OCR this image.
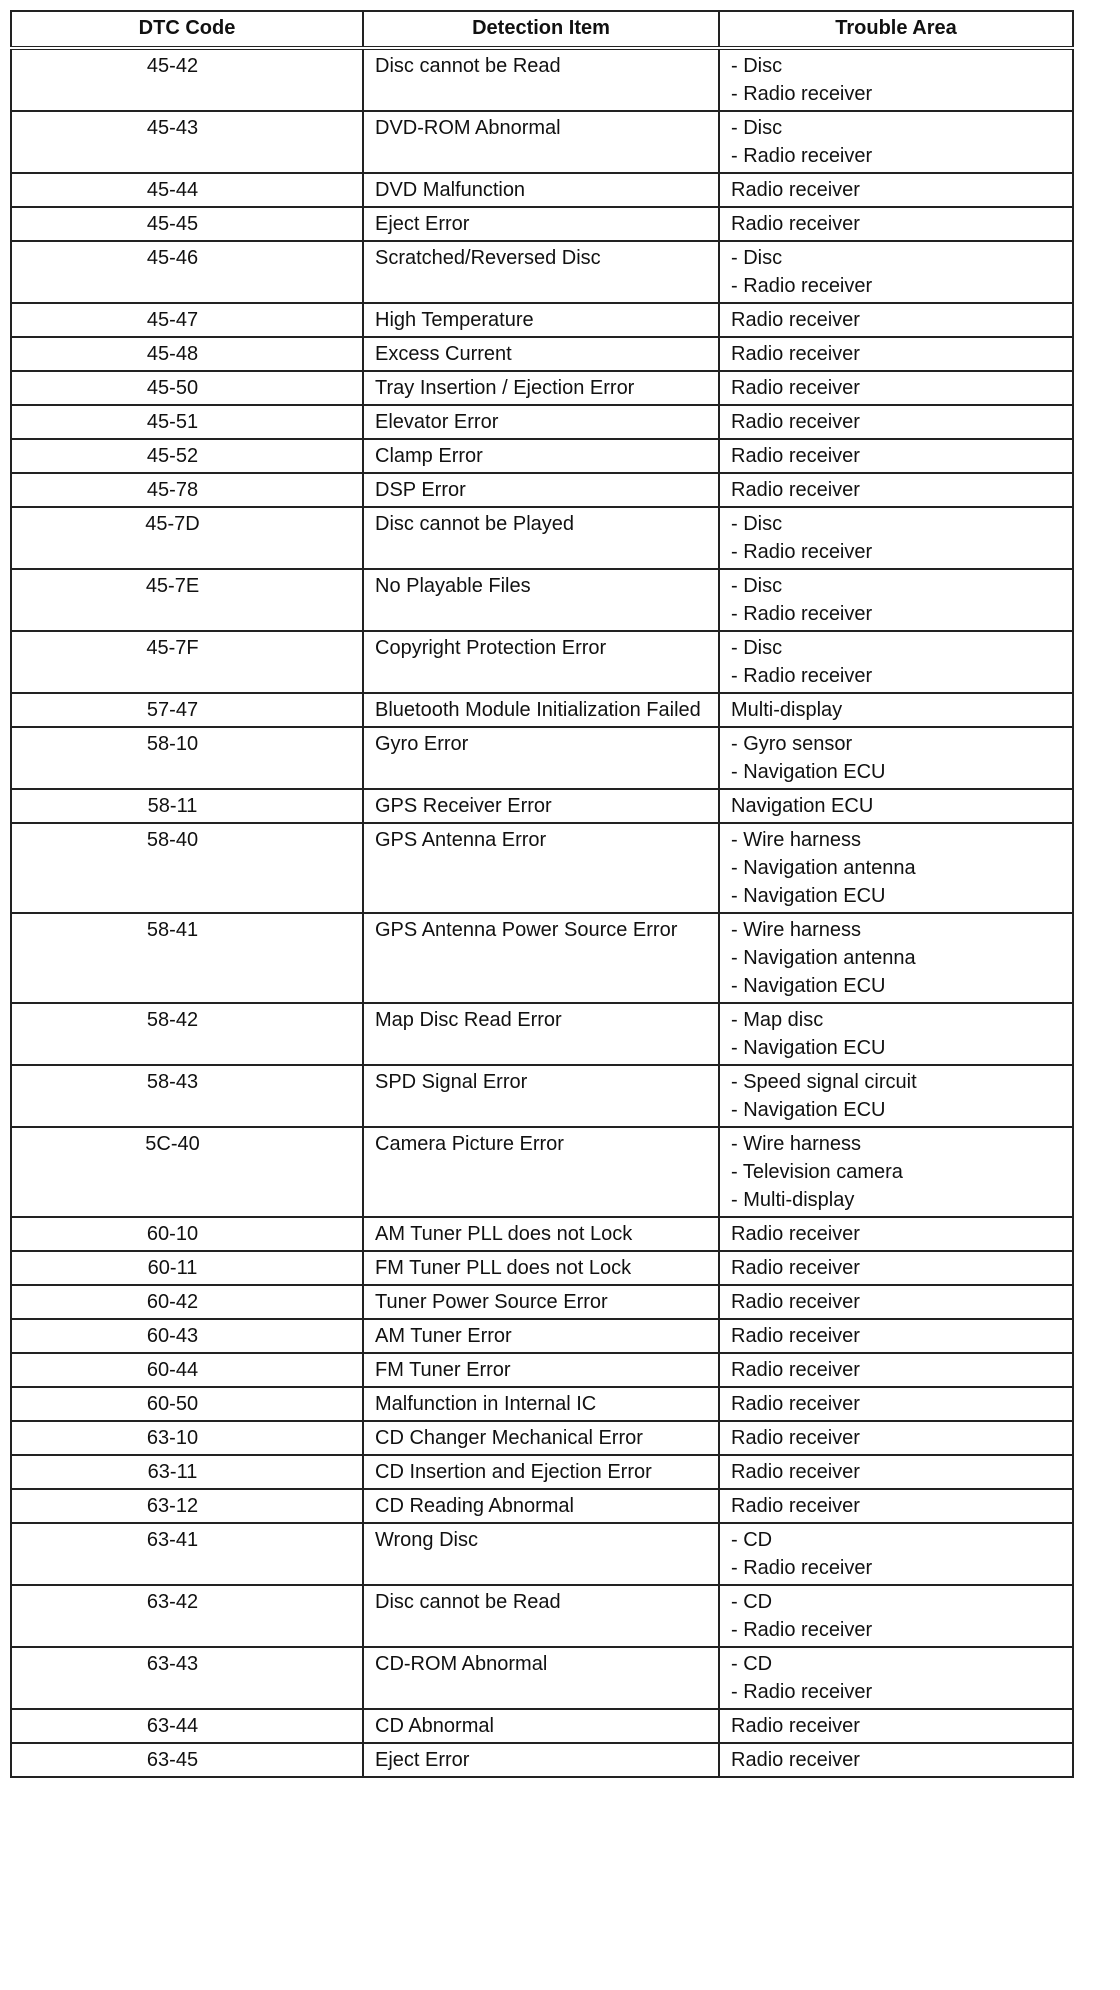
DTC Code	Detection Item	Trouble Area
45-42	Disc cannot be Read	- Disc
- Radio receiver

45-43	DVD-ROM Abnormal	- Disc
- Radio receiver

45-44	DVD Malfunction	Radio receiver

45-45	Eject Error	Radio receiver

45-46	Scratched/Reversed Disc	- Disc
- Radio receiver

45-47	High Temperature	Radio receiver

45-48	Excess Current	Radio receiver

45-50	Tray Insertion / Ejection Error	Radio receiver

45-51	Elevator Error	Radio receiver

45-52	Clamp Error	Radio receiver

45-78	DSP Error	Radio receiver

45-7D	Disc cannot be Played	- Disc
- Radio receiver

45-7E	No Playable Files	- Disc
- Radio receiver

45-7F	Copyright Protection Error	- Disc
- Radio receiver

57-47	Bluetooth Module Initialization Failed	Multi-display

58-10	Gyro Error	- Gyro sensor
- Navigation ECU

58-11	GPS Receiver Error	Navigation ECU

58-40	GPS Antenna Error	- Wire harness
- Navigation antenna
- Navigation ECU

58-41	GPS Antenna Power Source Error	- Wire harness
- Navigation antenna
- Navigation ECU

58-42	Map Disc Read Error	- Map disc
- Navigation ECU

58-43	SPD Signal Error	- Speed signal circuit
- Navigation ECU

5C-40	Camera Picture Error	- Wire harness
- Television camera
- Multi-display

60-10	AM Tuner PLL does not Lock	Radio receiver

60-11	FM Tuner PLL does not Lock	Radio receiver

60-42	Tuner Power Source Error	Radio receiver

60-43	AM Tuner Error	Radio receiver

60-44	FM Tuner Error	Radio receiver

60-50	Malfunction in Internal IC	Radio receiver

63-10	CD Changer Mechanical Error	Radio receiver

63-11	CD Insertion and Ejection Error	Radio receiver

63-12	CD Reading Abnormal	Radio receiver

63-41	Wrong Disc	- CD
- Radio receiver

63-42	Disc cannot be Read	- CD
- Radio receiver

63-43	CD-ROM Abnormal	- CD
- Radio receiver

63-44	CD Abnormal	Radio receiver

63-45	Eject Error	Radio receiver
